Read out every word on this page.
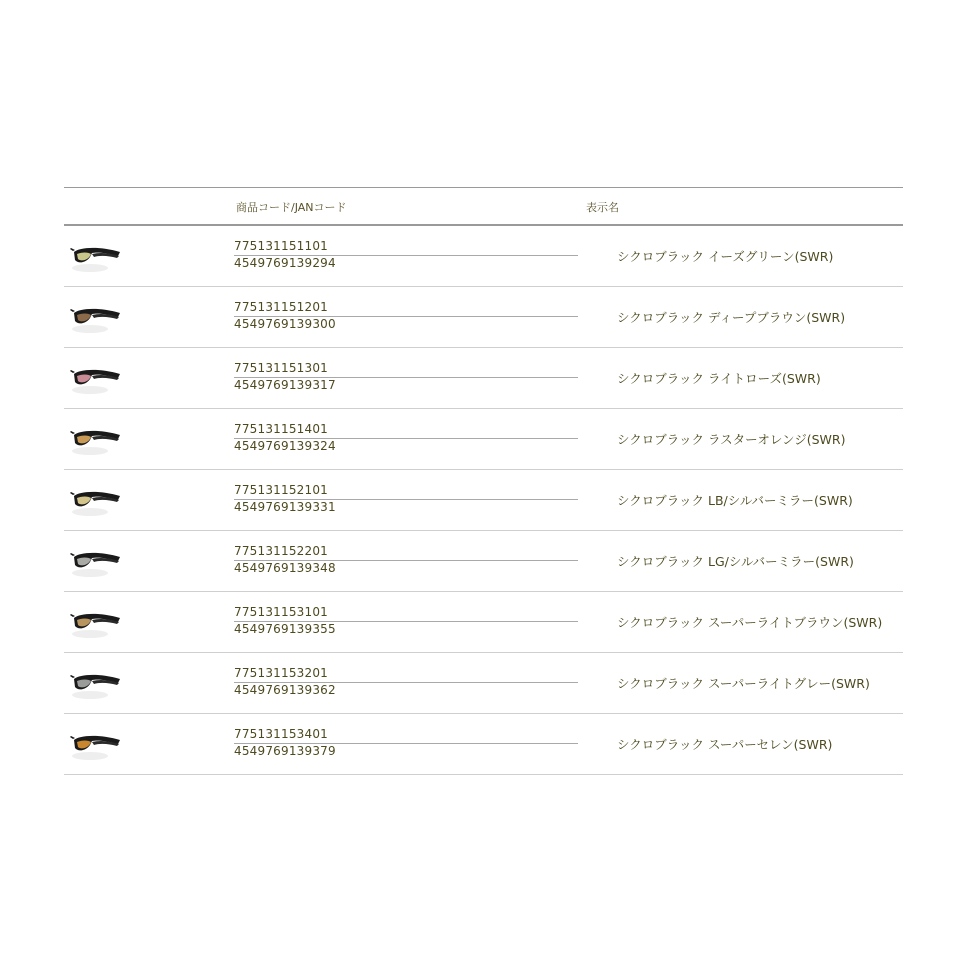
商品コード/JANコード	表示名
775131151101
4549769139294	シクロブラック イーズグリーン(SWR)
775131151201
4549769139300	シクロブラック ディープブラウン(SWR)
775131151301
4549769139317	シクロブラック ライトローズ(SWR)
775131151401
4549769139324	シクロブラック ラスターオレンジ(SWR)
775131152101
4549769139331	シクロブラック LB/シルバーミラー(SWR)
775131152201
4549769139348	シクロブラック LG/シルバーミラー(SWR)
775131153101
4549769139355	シクロブラック スーパーライトブラウン(SWR)
775131153201
4549769139362	シクロブラック スーパーライトグレー(SWR)
775131153401
4549769139379	シクロブラック スーパーセレン(SWR)
